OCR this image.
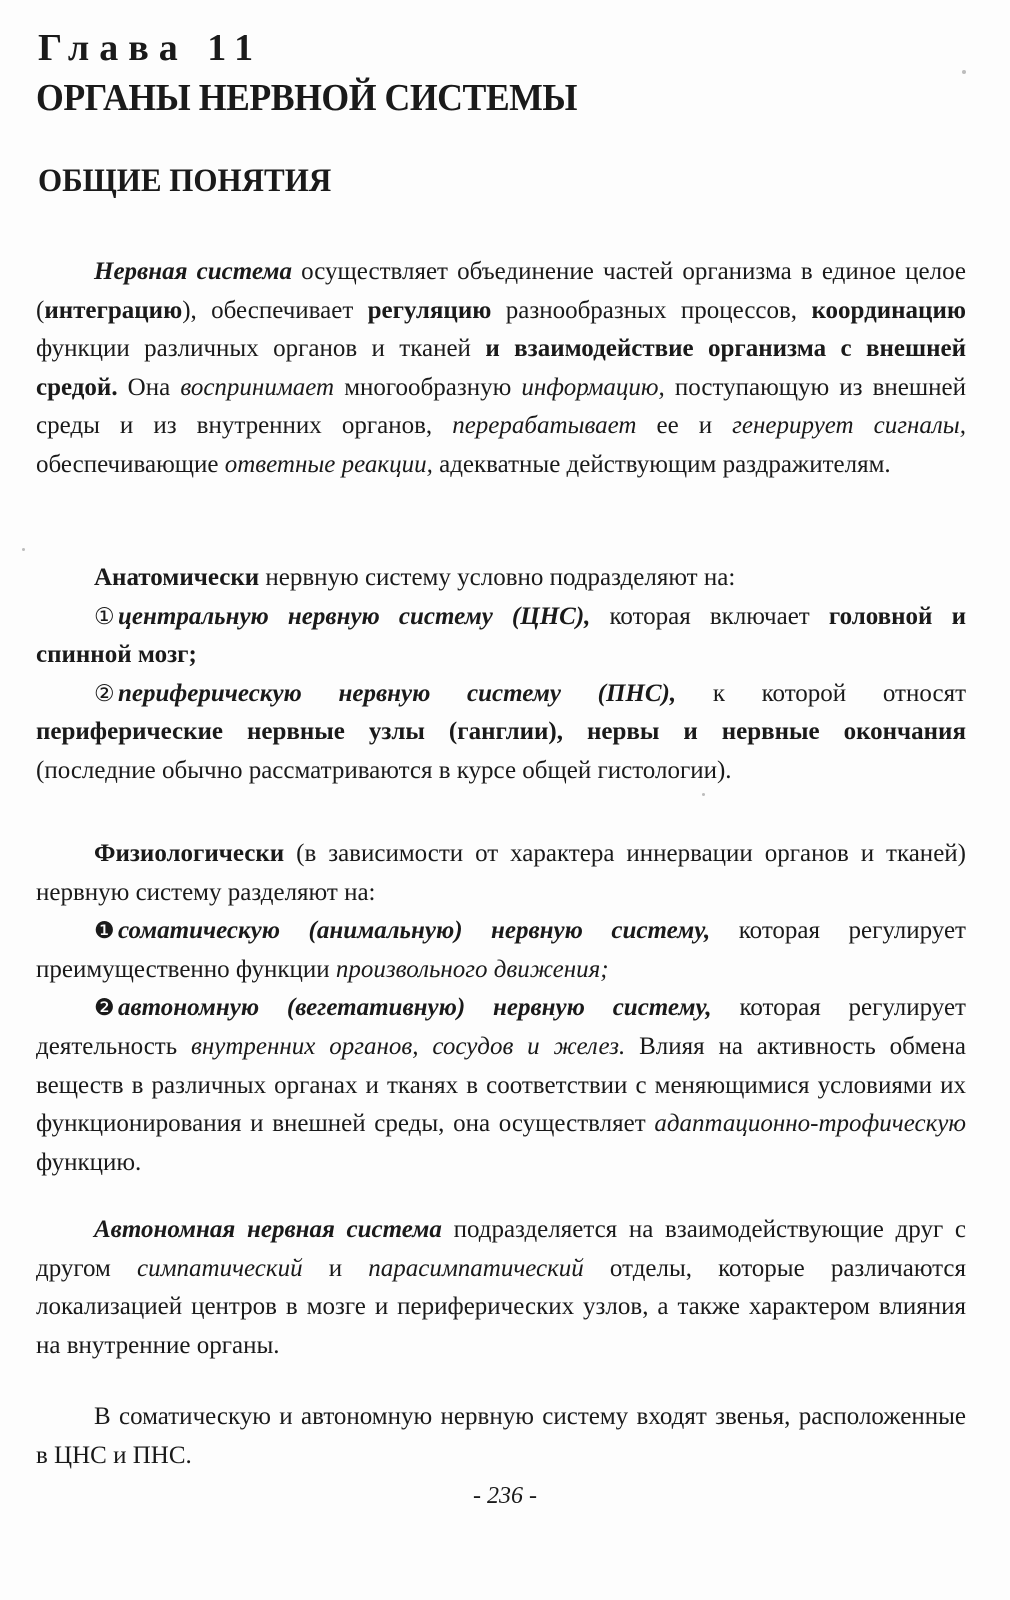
Глава 11
ОРГАНЫ НЕРВНОЙ СИСТЕМЫ
ОБЩИЕ ПОНЯТИЯ

Нервная система осуществляет объединение частей организма в единое целое (интеграцию), обеспечивает регуляцию разнообразных процессов, координацию функции различных органов и тканей и взаимодействие организма с внешней средой. Она воспринимает многообразную информацию, поступающую из внешней среды и из внутренних органов, перерабатывает ее и генерирует сигналы, обеспечивающие ответные реакции, адекватные действующим раздражителям.

Анатомически нервную систему условно подразделяют на:

① центральную нервную систему (ЦНС), которая включает головной и спинной мозг;

② периферическую нервную систему (ПНС), к которой относят периферические нервные узлы (ганглии), нервы и нервные окончания (последние обычно рассматриваются в курсе общей гистологии).

Физиологически (в зависимости от характера иннервации органов и тканей) нервную систему разделяют на:

❶ соматическую (анимальную) нервную систему, которая регулирует преимущественно функции произвольного движения;

❷ автономную (вегетативную) нервную систему, которая регулирует деятельность внутренних органов, сосудов и желез. Влияя на активность обмена веществ в различных органах и тканях в соответствии с меняющимися условиями их функционирования и внешней среды, она осуществляет адаптационно-трофическую функцию.

Автономная нервная система подразделяется на взаимодействующие друг с другом симпатический и парасимпатический отделы, которые различаются локализацией центров в мозге и периферических узлов, а также характером влияния на внутренние органы.

В соматическую и автономную нервную систему входят звенья, расположенные в ЦНС и ПНС.

- 236 -
